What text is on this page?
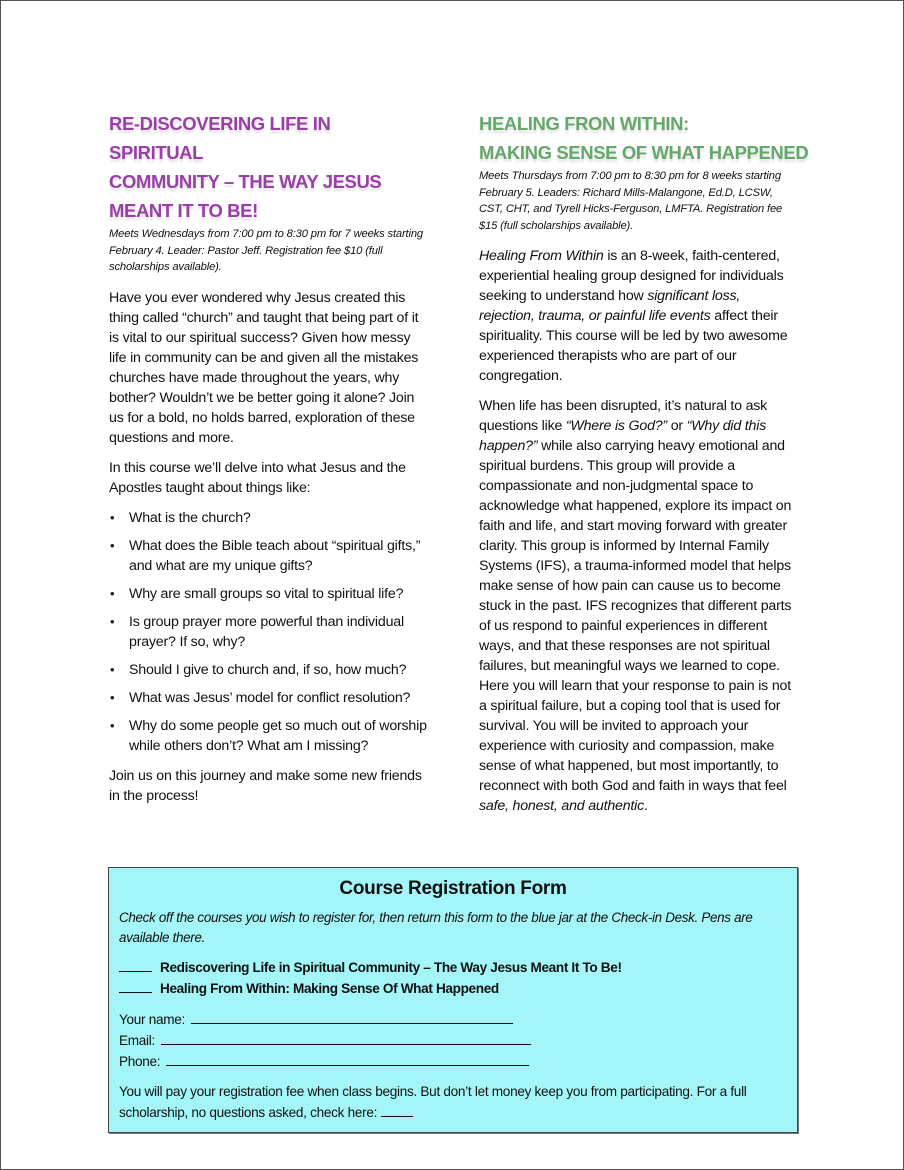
RE-DISCOVERING LIFE IN SPIRITUAL
COMMUNITY – THE WAY JESUS
MEANT IT TO BE!

Meets Wednesdays from 7:00 pm to 8:30 pm for 7 weeks starting February 4. Leader: Pastor Jeff. Registration fee $10 (full scholarships available).

Have you ever wondered why Jesus created this thing called “church” and taught that being part of it is vital to our spiritual success? Given how messy life in community can be and given all the mistakes churches have made throughout the years, why bother? Wouldn’t we be better going it alone? Join us for a bold, no holds barred, exploration of these questions and more.

In this course we’ll delve into what Jesus and the Apostles taught about things like:

• What is the church?
• What does the Bible teach about “spiritual gifts,” and what are my unique gifts?
• Why are small groups so vital to spiritual life?
• Is group prayer more powerful than individual prayer? If so, why?
• Should I give to church and, if so, how much?
• What was Jesus’ model for conflict resolution?
• Why do some people get so much out of worship while others don’t? What am I missing?

Join us on this journey and make some new friends in the process!

HEALING FRON WITHIN:
MAKING SENSE OF WHAT HAPPENED

Meets Thursdays from 7:00 pm to 8:30 pm for 8 weeks starting February 5. Leaders: Richard Mills-Malangone, Ed.D, LCSW, CST, CHT, and Tyrell Hicks-Ferguson, LMFTA. Registration fee $15 (full scholarships available).

Healing From Within is an 8-week, faith-centered, experiential healing group designed for individuals seeking to understand how significant loss, rejection, trauma, or painful life events affect their spirituality. This course will be led by two awesome experienced therapists who are part of our congregation.

When life has been disrupted, it’s natural to ask questions like “Where is God?” or “Why did this happen?” while also carrying heavy emotional and spiritual burdens. This group will provide a compassionate and non-judgmental space to acknowledge what happened, explore its impact on faith and life, and start moving forward with greater clarity. This group is informed by Internal Family Systems (IFS), a trauma-informed model that helps make sense of how pain can cause us to become stuck in the past. IFS recognizes that different parts of us respond to painful experiences in different ways, and that these responses are not spiritual failures, but meaningful ways we learned to cope. Here you will learn that your response to pain is not a spiritual failure, but a coping tool that is used for survival. You will be invited to approach your experience with curiosity and compassion, make sense of what happened, but most importantly, to reconnect with both God and faith in ways that feel safe, honest, and authentic.

Course Registration Form

Check off the courses you wish to register for, then return this form to the blue jar at the Check-in Desk. Pens are available there.

Rediscovering Life in Spiritual Community – The Way Jesus Meant It To Be!
Healing From Within: Making Sense Of What Happened
Your name:
Email:
Phone:
You will pay your registration fee when class begins. But don’t let money keep you from participating. For a full scholarship, no questions asked, check here:
